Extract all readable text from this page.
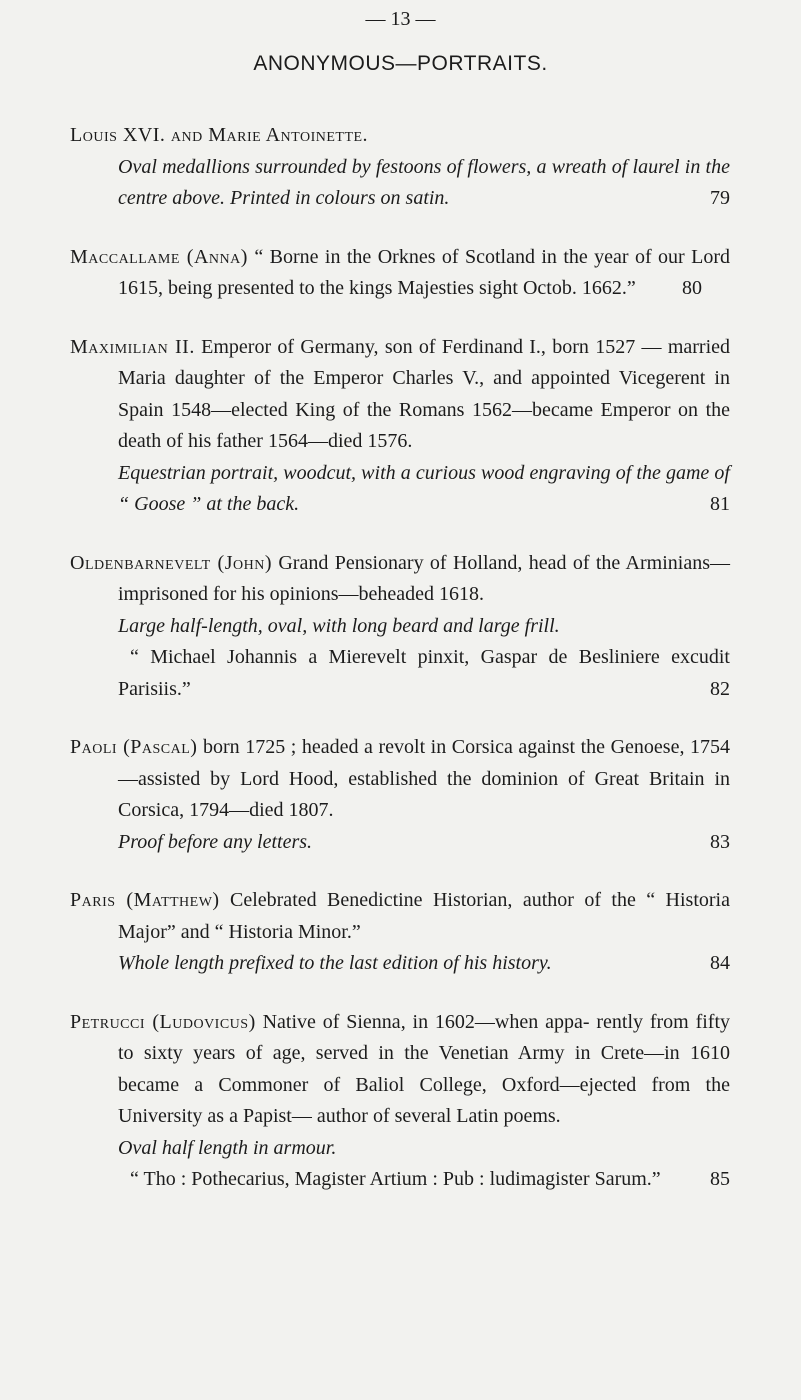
— 13 —
ANONYMOUS—PORTRAITS.

Louis XVI. and Marie Antoinette.

Oval medallions surrounded by festoons of flowers, a wreath of laurel in the centre above. Printed in colours on satin.	79

Maccallame (Anna) “ Borne in the Orknes of Scotland in the year of our Lord 1615, being presented to the kings Majesties sight Octob. 1662.” 80

Maximilian II. Emperor of Germany, son of Ferdinand I., born 1527 — married Maria daughter of the Emperor Charles V., and appointed Vicegerent in Spain 1548—elected King of the Romans 1562—became Emperor on the death of his father 1564—died 1576.

Equestrian portrait, woodcut, with a curious wood engraving of the game of “ Goose ” at the back.	81

Oldenbarnevelt (John) Grand Pensionary of Holland, head of the Arminians—imprisoned for his opinions—beheaded 1618.

Large half-length, oval, with long beard and large frill.

“ Michael Johannis a Mierevelt pinxit, Gaspar de Besliniere excudit Parisiis.”	82

Paoli (Pascal) born 1725 ; headed a revolt in Corsica against the Genoese, 1754—assisted by Lord Hood, established the dominion of Great Britain in Corsica, 1794—died 1807.

Proof before any letters.	83

Paris (Matthew) Celebrated Benedictine Historian, author of the “ Historia Major” and “ Historia Minor.”

Whole length prefixed to the last edition of his history.	84

Petrucci (Ludovicus) Native of Sienna, in 1602—when appa- rently from fifty to sixty years of age, served in the Venetian Army in Crete—in 1610 became a Commoner of Baliol College, Oxford—ejected from the University as a Papist— author of several Latin poems.

Oval half length in armour.

“ Tho : Pothecarius, Magister Artium : Pub : ludimagister Sarum.”	85
